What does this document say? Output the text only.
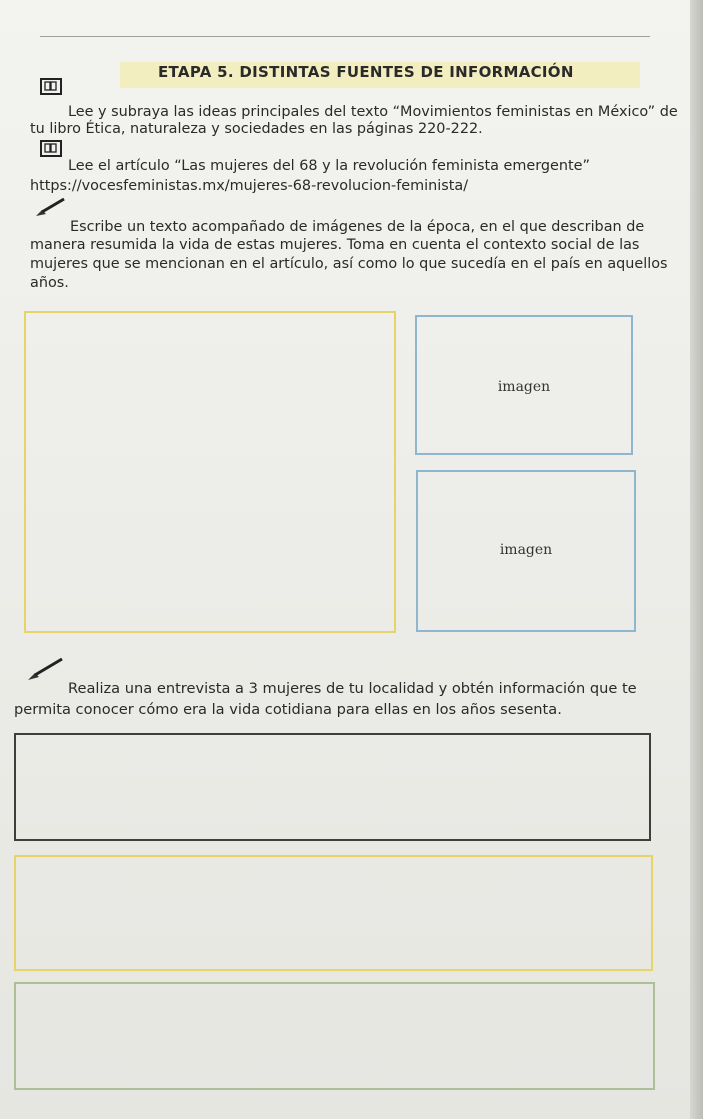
ETAPA 5. DISTINTAS FUENTES DE INFORMACIÓN
Lee y subraya las ideas principales del texto “Movimientos feministas en México” de
tu libro Ética, naturaleza y sociedades en las páginas 220-222.
Lee el artículo “Las mujeres del 68 y la revolución feminista emergente”
https://vocesfeministas.mx/mujeres-68-revolucion-feminista/
Escribe un texto acompañado de imágenes de la época, en el que describan de
manera resumida la vida de estas mujeres. Toma en cuenta el contexto social de las
mujeres que se mencionan en el artículo, así como lo que sucedía en el país en aquellos
años.
imagen
imagen
Realiza una entrevista a 3 mujeres de tu localidad y obtén información que te
permita conocer cómo era la vida cotidiana para ellas en los años sesenta.
